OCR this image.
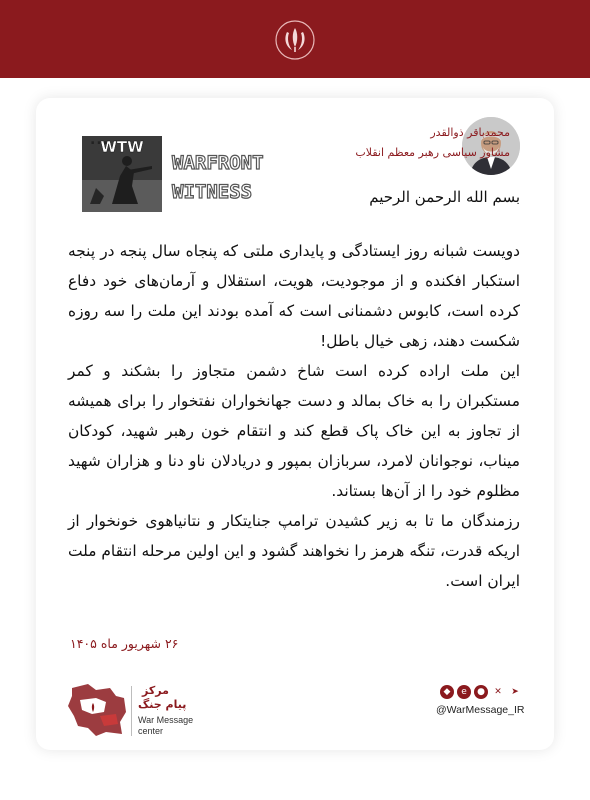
WTW
WARFRONT
WITNESS
...	محمدباقر ذوالقدر
مشاور سیاسی رهبر معظم انقلاب
بسم الله الرحمن الرحیم

دویست شبانه روز ایستادگی و پایداری ملتی که پنجاه سال پنجه در پنجه استکبار افکنده و از موجودیت، هویت، استقلال و آرمان‌های خود دفاع کرده است، کابوس دشمنانی است که آمده بودند این ملت را سه روزه شکست دهند، زهی خیال باطل!

این ملت اراده کرده است شاخ دشمن متجاوز را بشکند و کمر مستکبران را به خاک بمالد و دست جهانخواران نفتخوار را برای همیشه از تجاوز به این خاک پاک قطع کند و انتقام خون رهبر شهید، کودکان میناب، نوجوانان لامرد، سربازان بمپور و دریادلان ناو دنا و هزاران شهید مظلوم خود را از آن‌ها بستاند.

رزمندگان ما تا به زیر کشیدن ترامپ جنایتکار و نتانیاهوی خونخوار از اریکه قدرت، تنگه هرمز را نخواهند گشود و این اولین مرحله انتقام ملت ایران است.

۲۶ شهریور ماه ۱۴۰۵
مرکز
پیام جنگ
War Message
center
◆	e	●	✕	➤
@WarMessage_IR
